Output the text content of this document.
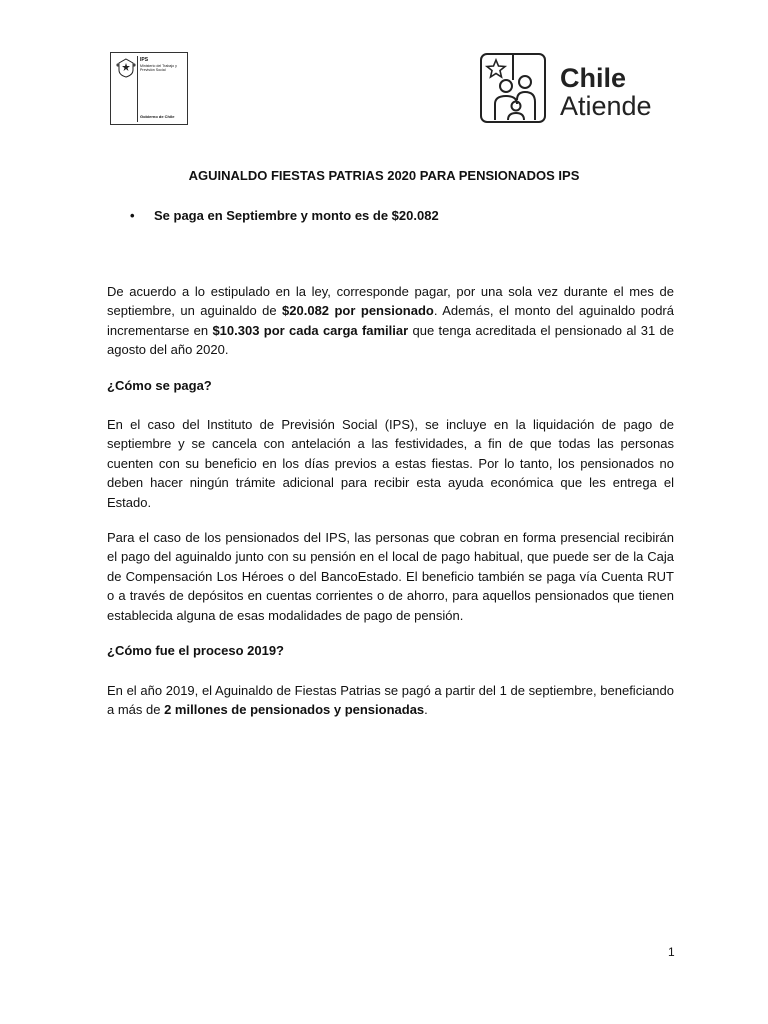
IPS
Ministerio del Trabajo y Previsión Social
Gobierno de Chile
Chile
Atiende
AGUINALDO FIESTAS PATRIAS 2020 PARA PENSIONADOS IPS
• Se paga en Septiembre y monto es de $20.082

De acuerdo a lo estipulado en la ley, corresponde pagar, por una sola vez durante el mes de septiembre, un aguinaldo de $20.082 por pensionado. Además, el monto del aguinaldo podrá incrementarse en $10.303 por cada carga familiar que tenga acreditada el pensionado al 31 de agosto del año 2020.

¿Cómo se paga?

En el caso del Instituto de Previsión Social (IPS), se incluye en la liquidación de pago de septiembre y se cancela con antelación a las festividades, a fin de que todas las personas cuenten con su beneficio en los días previos a estas fiestas. Por lo tanto, los pensionados no deben hacer ningún trámite adicional para recibir esta ayuda económica que les entrega el Estado.

Para el caso de los pensionados del IPS, las personas que cobran en forma presencial recibirán el pago del aguinaldo junto con su pensión en el local de pago habitual, que puede ser de la Caja de Compensación Los Héroes o del BancoEstado. El beneficio también se paga vía Cuenta RUT o a través de depósitos en cuentas corrientes o de ahorro, para aquellos pensionados que tienen establecida alguna de esas modalidades de pago de pensión.

¿Cómo fue el proceso 2019?

En el año 2019, el Aguinaldo de Fiestas Patrias se pagó a partir del 1 de septiembre, beneficiando a más de 2 millones de pensionados y pensionadas.

1
